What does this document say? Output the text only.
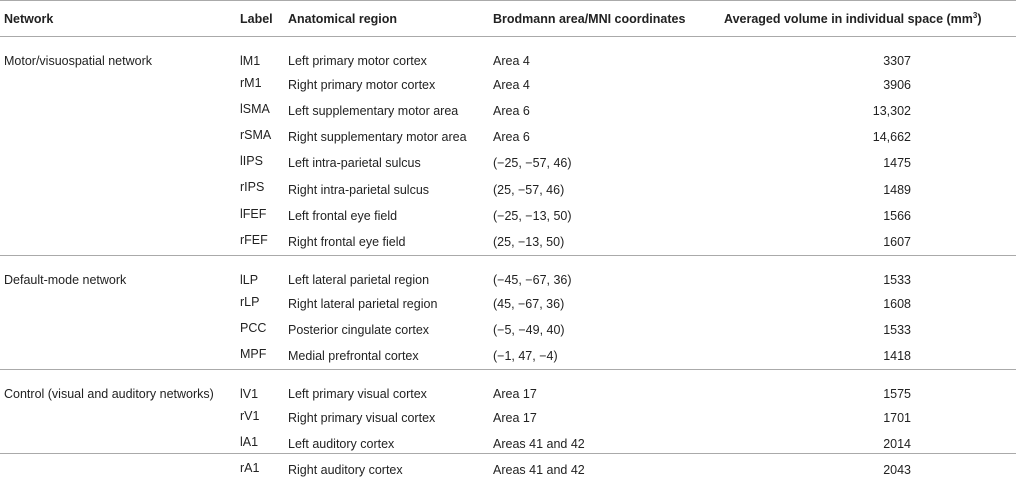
Network	Label	Anatomical region	Brodmann area/MNI coordinates	Averaged volume in individual space $(mm^3)$

Motor/visuospatial network	lM1	Left primary motor cortex	Area 4	3307
	rM1	Right primary motor cortex	Area 4	3906
	lSMA	Left supplementary motor area	Area 6	13,302
	rSMA	Right supplementary motor area	Area 6	14,662
	lIPS	Left intra-parietal sulcus	(−25, −57, 46)	1475
	rIPS	Right intra-parietal sulcus	(25, −57, 46)	1489
	lFEF	Left frontal eye field	(−25, −13, 50)	1566
	rFEF	Right frontal eye field	(25, −13, 50)	1607

Default-mode network	lLP	Left lateral parietal region	(−45, −67, 36)	1533
	rLP	Right lateral parietal region	(45, −67, 36)	1608
	PCC	Posterior cingulate cortex	(−5, −49, 40)	1533
	MPF	Medial prefrontal cortex	(−1, 47, −4)	1418

Control (visual and auditory networks)	lV1	Left primary visual cortex	Area 17	1575
	rV1	Right primary visual cortex	Area 17	1701
	lA1	Left auditory cortex	Areas 41 and 42	2014
	rA1	Right auditory cortex	Areas 41 and 42	2043
